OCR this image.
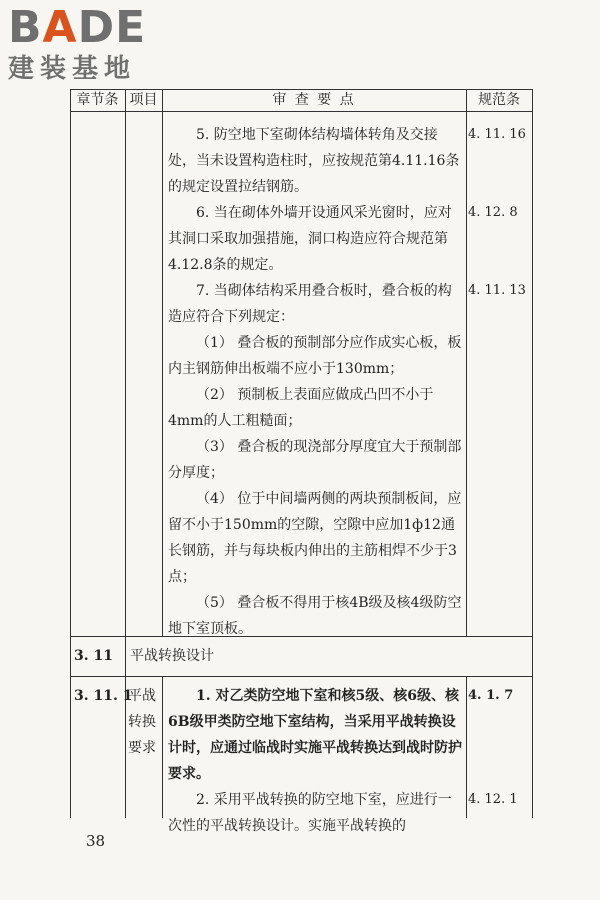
BADE
建装基地
章节条 项目	审 查 要 点	规范条
5. 防空地下室砌体结构墙体转角及交接处，当未设置构造柱时，应按规范第4.11.16条的规定设置拉结钢筋。
4. 11. 16
6. 当在砌体外墙开设通风采光窗时，应对其洞口采取加强措施，洞口构造应符合规范第4.12.8条的规定。
4. 12. 8
7. 当砌体结构采用叠合板时，叠合板的构造应符合下列规定：
4. 11. 13
（1） 叠合板的预制部分应作成实心板，板内主钢筋伸出板端不应小于130mm；
（2） 预制板上表面应做成凸凹不小于4mm的人工粗糙面；
（3） 叠合板的现浇部分厚度宜大于预制部分厚度；
（4） 位于中间墙两侧的两块预制板间，应留不小于150mm的空隙，空隙中应加1ф12通长钢筋，并与每块板内伸出的主筋相焊不少于3点；
（5） 叠合板不得用于核4B级及核4级防空地下室顶板。
3. 11 平战转换设计
3. 11. 1
平战转换要求
1. 对乙类防空地下室和核5级、核6级、核6B级甲类防空地下室结构，当采用平战转换设计时，应通过临战时实施平战转换达到战时防护要求。
4. 1. 7
2. 采用平战转换的防空地下室，应进行一次性的平战转换设计。实施平战转换的
4. 12. 1
38
